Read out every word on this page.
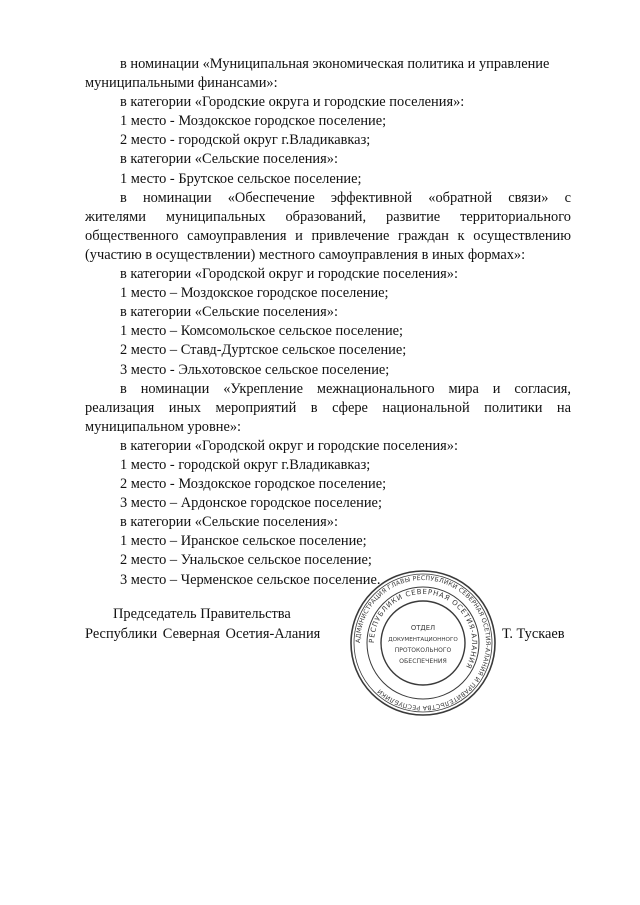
в номинации «Муниципальная экономическая политика и управление
муниципальными финансами»:
в категории «Городские округа и городские поселения»:
1 место - Моздокское городское поселение;
2 место - городской округ г.Владикавказ;
в категории «Сельские поселения»:
1 место - Брутское сельское поселение;
в номинации «Обеспечение эффективной «обратной связи» с
жителями муниципальных образований, развитие территориального
общественного самоуправления и привлечение граждан к осуществлению
(участию в осуществлении) местного самоуправления в иных формах»:
в категории «Городской округ и городские поселения»:
1 место – Моздокское городское поселение;
в категории «Сельские поселения»:
1 место – Комсомольское сельское поселение;
2 место – Ставд-Дуртское сельское поселение;
3 место - Эльхотовское сельское поселение;
в номинации «Укрепление межнационального мира и согласия,
реализация иных мероприятий в сфере национальной политики на
муниципальном уровне»:
в категории «Городской округ и городские поселения»:
1 место - городской округ г.Владикавказ;
2 место - Моздокское городское поселение;
3 место – Ардонское городское поселение;
в категории «Сельские поселения»:
1 место – Иранское сельское поселение;
2 место – Унальское сельское поселение;
3 место – Черменское сельское поселение.
Председатель Правительства
Республики Северная Осетия-Алания	АДМИНИСТРАЦИЯ ГЛАВЫ РЕСПУБЛИКИ СЕВЕРНАЯ ОСЕТИЯ-АЛАНИЯ И ПРАВИТЕЛЬСТВА РЕСПУБЛИКИ
РЕСПУБЛИКИ СЕВЕРНАЯ ОСЕТИЯ-АЛАНИЯ
ОТДЕЛ
ДОКУМЕНТАЦИОННОГО
ПРОТОКОЛЬНОГО
ОБЕСПЕЧЕНИЯ
Т. Тускаев
